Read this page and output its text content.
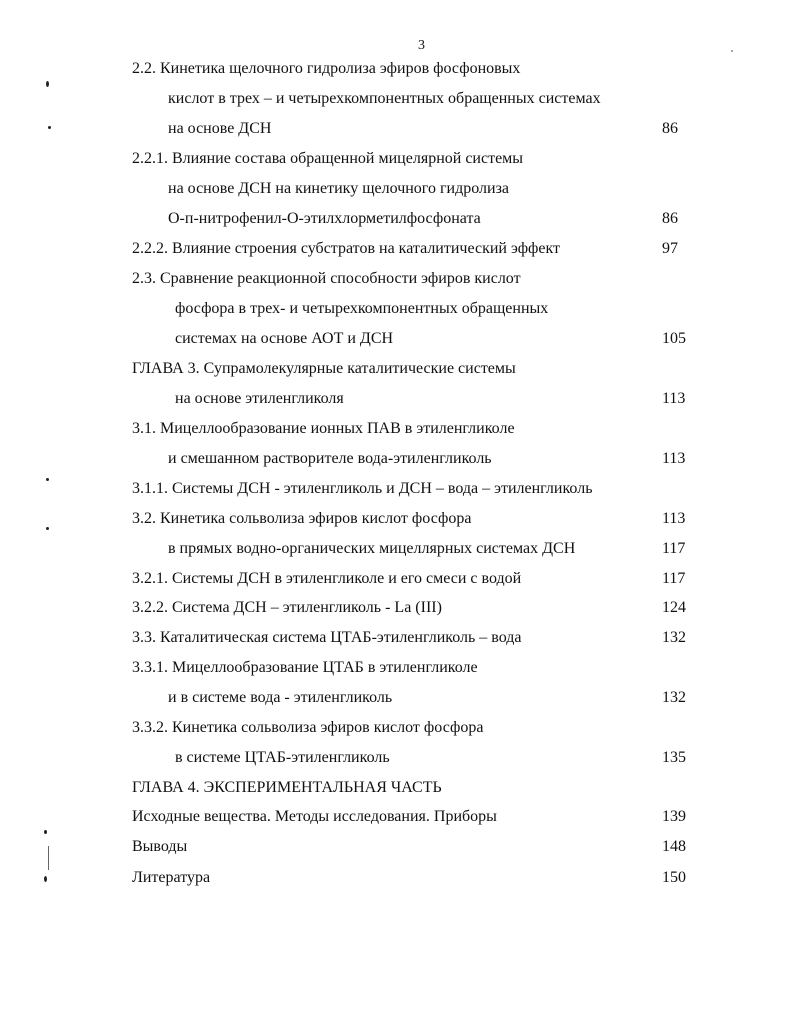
3
2.2. Кинетика щелочного гидролиза эфиров фосфоновых
кислот в трех – и четырехкомпонентных обращенных системах
на основе ДСН	86
2.2.1. Влияние состава обращенной мицелярной системы
на основе ДСН на кинетику щелочного гидролиза
О-п-нитрофенил-О-этилхлорметилфосфоната	86
2.2.2. Влияние строения субстратов на каталитический эффект	97
2.3. Сравнение реакционной способности эфиров кислот
фосфора в трех- и четырехкомпонентных обращенных
системах на основе АОТ и ДСН	105
ГЛАВА 3. Супрамолекулярные каталитические системы
на основе этиленгликоля	113
3.1. Мицеллообразование ионных ПАВ в этиленгликоле
и смешанном растворителе вода-этиленгликоль	113
3.1.1. Системы ДСН - этиленгликоль и ДСН – вода – этиленгликоль
3.2. Кинетика сольволиза эфиров кислот фосфора	113
в прямых водно-органических мицеллярных системах ДСН	117
3.2.1. Системы ДСН в этиленгликоле и его смеси с водой	117
3.2.2. Система ДСН – этиленгликоль - La (III)	124
3.3. Каталитическая система ЦТАБ-этиленгликоль – вода	132
3.3.1. Мицеллообразование ЦТАБ в этиленгликоле
и в системе вода - этиленгликоль	132
3.3.2. Кинетика сольволиза эфиров кислот фосфора
в системе ЦТАБ-этиленгликоль	135
ГЛАВА 4. ЭКСПЕРИМЕНТАЛЬНАЯ ЧАСТЬ
Исходные вещества. Методы исследования. Приборы	139
Выводы	148
Литература	150
